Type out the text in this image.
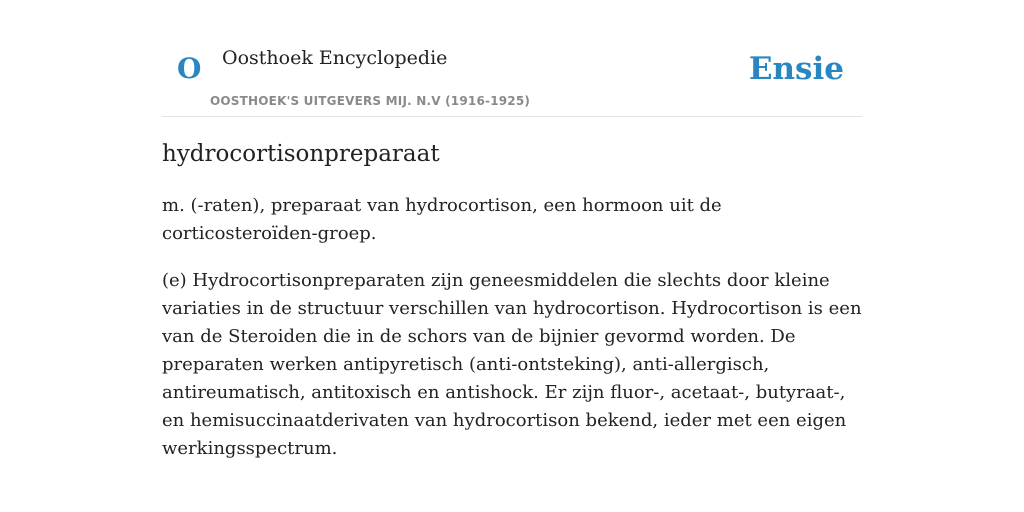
O Oosthoek Encyclopedie
OOSTHOEK'S UITGEVERS MIJ. N.V (1916-1925)
Ensie
hydrocortisonpreparaat

m. (-raten), preparaat van hydrocortison, een hormoon uit de corticosteroïden-groep.

(e) Hydrocortisonpreparaten zijn geneesmiddelen die slechts door kleine variaties in de structuur verschillen van hydrocortison. Hydrocortison is een van de Steroiden die in de schors van de bijnier gevormd worden. De preparaten werken antipyretisch (anti-ontsteking), anti-allergisch, antireumatisch, antitoxisch en antishock. Er zijn fluor-, acetaat-, butyraat-, en hemisuccinaatderivaten van hydrocortison bekend, ieder met een eigen werkingsspectrum.
